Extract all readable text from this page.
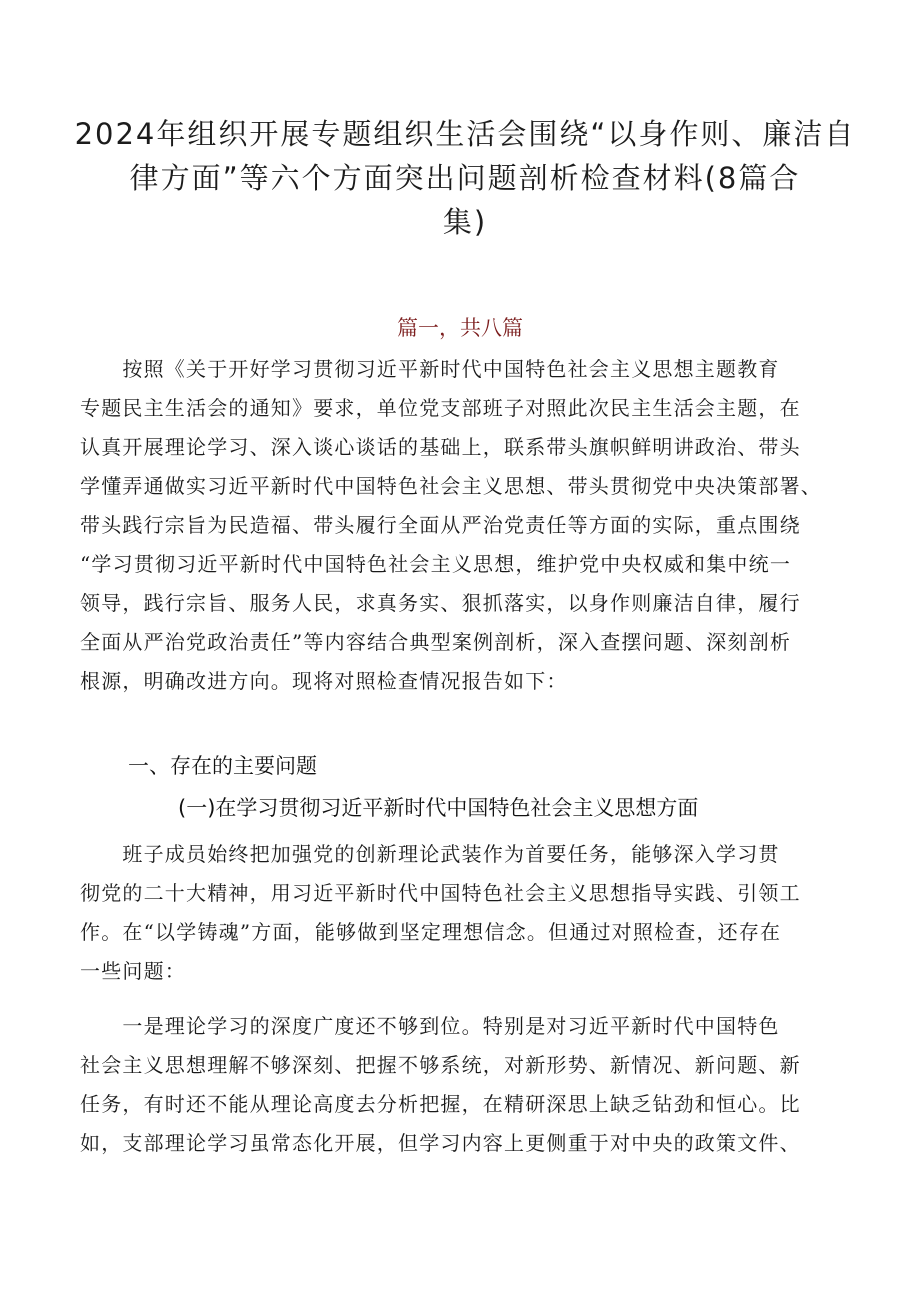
2024年组织开展专题组织生活会围绕“以身作则、廉洁自
律方面”等六个方面突出问题剖析检查材料(8篇合
集)
篇一，共八篇
　　按照《关于开好学习贯彻习近平新时代中国特色社会主义思想主题教育
专题民主生活会的通知》要求，单位党支部班子对照此次民主生活会主题，在
认真开展理论学习、深入谈心谈话的基础上，联系带头旗帜鲜明讲政治、带头
学懂弄通做实习近平新时代中国特色社会主义思想、带头贯彻党中央决策部署、
带头践行宗旨为民造福、带头履行全面从严治党责任等方面的实际，重点围绕
“学习贯彻习近平新时代中国特色社会主义思想，维护党中央权威和集中统一
领导，践行宗旨、服务人民，求真务实、狠抓落实，以身作则廉洁自律，履行
全面从严治党政治责任”等内容结合典型案例剖析，深入查摆问题、深刻剖析
根源，明确改进方向。现将对照检查情况报告如下：
一、存在的主要问题
(一)在学习贯彻习近平新时代中国特色社会主义思想方面
　　班子成员始终把加强党的创新理论武装作为首要任务，能够深入学习贯
彻党的二十大精神，用习近平新时代中国特色社会主义思想指导实践、引领工
作。在“以学铸魂”方面，能够做到坚定理想信念。但通过对照检查，还存在
一些问题：
　　一是理论学习的深度广度还不够到位。特别是对习近平新时代中国特色
社会主义思想理解不够深刻、把握不够系统，对新形势、新情况、新问题、新
任务，有时还不能从理论高度去分析把握，在精研深思上缺乏钻劲和恒心。比
如，支部理论学习虽常态化开展，但学习内容上更侧重于对中央的政策文件、
